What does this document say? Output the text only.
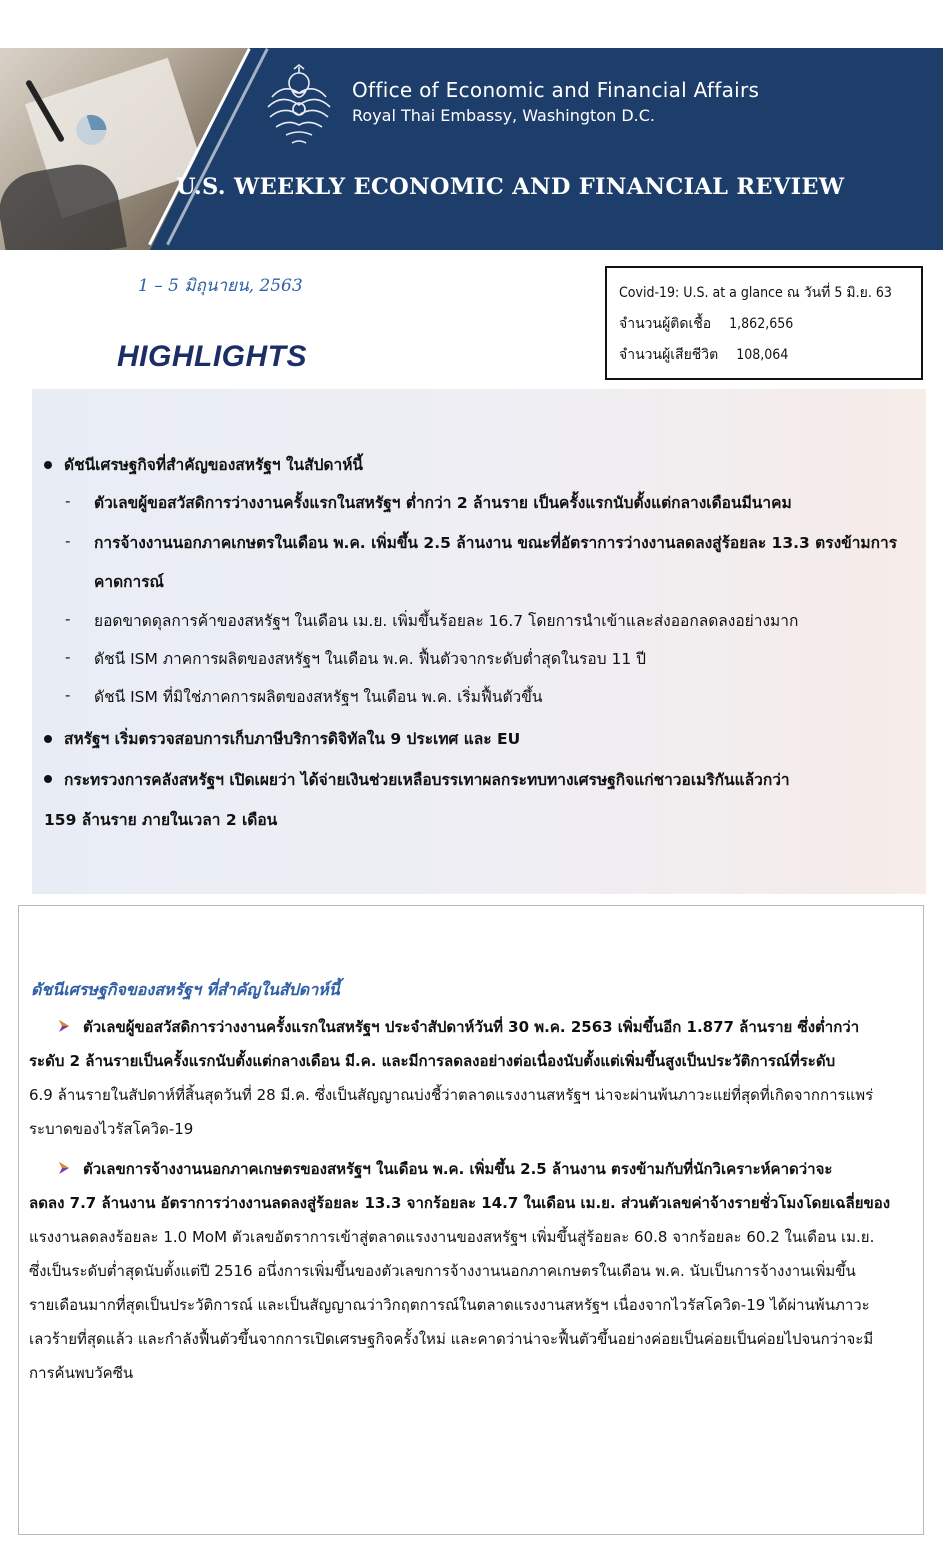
Office of Economic and Financial Affairs
Royal Thai Embassy, Washington D.C.
U.S. WEEKLY ECONOMIC AND FINANCIAL REVIEW
1 – 5 มิถุนายน, 2563
HIGHLIGHTS
Covid-19: U.S. at a glance ณ วันที่ 5 มิ.ย. 63
จำนวนผู้ติดเชื้อ 1,862,656
จำนวนผู้เสียชีวิต 108,064
ดัชนีเศรษฐกิจที่สำคัญของสหรัฐฯ ในสัปดาห์นี้
- ตัวเลขผู้ขอสวัสดิการว่างงานครั้งแรกในสหรัฐฯ ต่ำกว่า 2 ล้านราย เป็นครั้งแรกนับตั้งแต่กลางเดือนมีนาคม
- การจ้างงานนอกภาคเกษตรในเดือน พ.ค. เพิ่มขึ้น 2.5 ล้านงาน ขณะที่อัตราการว่างงานลดลงสู่ร้อยละ 13.3 ตรงข้ามการ
คาดการณ์
- ยอดขาดดุลการค้าของสหรัฐฯ ในเดือน เม.ย. เพิ่มขึ้นร้อยละ 16.7 โดยการนำเข้าและส่งออกลดลงอย่างมาก
- ดัชนี ISM ภาคการผลิตของสหรัฐฯ ในเดือน พ.ค. ฟื้นตัวจากระดับต่ำสุดในรอบ 11 ปี
- ดัชนี ISM ที่มิใช่ภาคการผลิตของสหรัฐฯ ในเดือน พ.ค. เริ่มฟื้นตัวขึ้น
สหรัฐฯ เริ่มตรวจสอบการเก็บภาษีบริการดิจิทัลใน 9 ประเทศ และ EU
กระทรวงการคลังสหรัฐฯ เปิดเผยว่า ได้จ่ายเงินช่วยเหลือบรรเทาผลกระทบทางเศรษฐกิจแก่ชาวอเมริกันแล้วกว่า
159 ล้านราย ภายในเวลา 2 เดือน
ดัชนีเศรษฐกิจของสหรัฐฯ ที่สำคัญในสัปดาห์นี้
ตัวเลขผู้ขอสวัสดิการว่างงานครั้งแรกในสหรัฐฯ ประจำสัปดาห์วันที่ 30 พ.ค. 2563 เพิ่มขึ้นอีก 1.877 ล้านราย ซึ่งต่ำกว่า
ระดับ 2 ล้านรายเป็นครั้งแรกนับตั้งแต่กลางเดือน มี.ค. และมีการลดลงอย่างต่อเนื่องนับตั้งแต่เพิ่มขึ้นสูงเป็นประวัติการณ์ที่ระดับ
6.9 ล้านรายในสัปดาห์ที่สิ้นสุดวันที่ 28 มี.ค. ซึ่งเป็นสัญญาณบ่งชี้ว่าตลาดแรงงานสหรัฐฯ น่าจะผ่านพ้นภาวะแย่ที่สุดที่เกิดจากการแพร่
ระบาดของไวรัสโควิด-19
ตัวเลขการจ้างงานนอกภาคเกษตรของสหรัฐฯ ในเดือน พ.ค. เพิ่มขึ้น 2.5 ล้านงาน ตรงข้ามกับที่นักวิเคราะห์คาดว่าจะ
ลดลง 7.7 ล้านงาน อัตราการว่างงานลดลงสู่ร้อยละ 13.3 จากร้อยละ 14.7 ในเดือน เม.ย. ส่วนตัวเลขค่าจ้างรายชั่วโมงโดยเฉลี่ยของ
แรงงานลดลงร้อยละ 1.0 MoM ตัวเลขอัตราการเข้าสู่ตลาดแรงงานของสหรัฐฯ เพิ่มขึ้นสู่ร้อยละ 60.8 จากร้อยละ 60.2 ในเดือน เม.ย.
ซึ่งเป็นระดับต่ำสุดนับตั้งแต่ปี 2516 อนึ่งการเพิ่มขึ้นของตัวเลขการจ้างงานนอกภาคเกษตรในเดือน พ.ค. นับเป็นการจ้างงานเพิ่มขึ้น
รายเดือนมากที่สุดเป็นประวัติการณ์ และเป็นสัญญาณว่าวิกฤตการณ์ในตลาดแรงงานสหรัฐฯ เนื่องจากไวรัสโควิด-19 ได้ผ่านพ้นภาวะ
เลวร้ายที่สุดแล้ว และกำลังฟื้นตัวขึ้นจากการเปิดเศรษฐกิจครั้งใหม่ และคาดว่าน่าจะฟื้นตัวขึ้นอย่างค่อยเป็นค่อยเป็นค่อยไปจนกว่าจะมี
การค้นพบวัคซีน
